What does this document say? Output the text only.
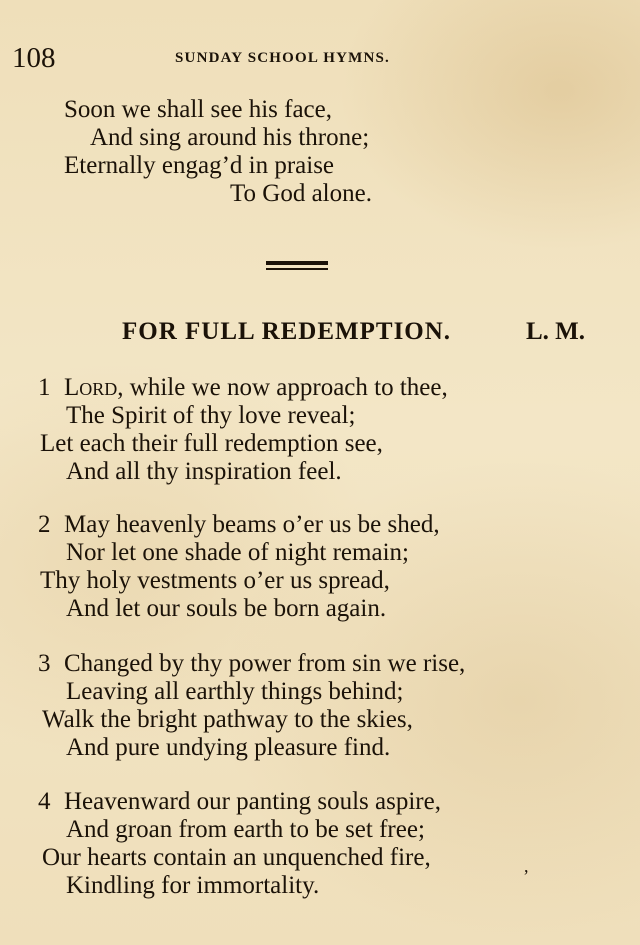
108	SUNDAY SCHOOL HYMNS.
Soon we shall see his face,
And sing around his throne;
Eternally engag’d in praise
To God alone.
FOR FULL REDEMPTION.	L. M.
1 Lord, while we now approach to thee,
The Spirit of thy love reveal;
Let each their full redemption see,
And all thy inspiration feel.
2 May heavenly beams o’er us be shed,
Nor let one shade of night remain;
Thy holy vestments o’er us spread,
And let our souls be born again.
3 Changed by thy power from sin we rise,
Leaving all earthly things behind;
Walk the bright pathway to the skies,
And pure undying pleasure find.
4 Heavenward our panting souls aspire,
And groan from earth to be set free;
Our hearts contain an unquenched fire,
Kindling for immortality.
,
